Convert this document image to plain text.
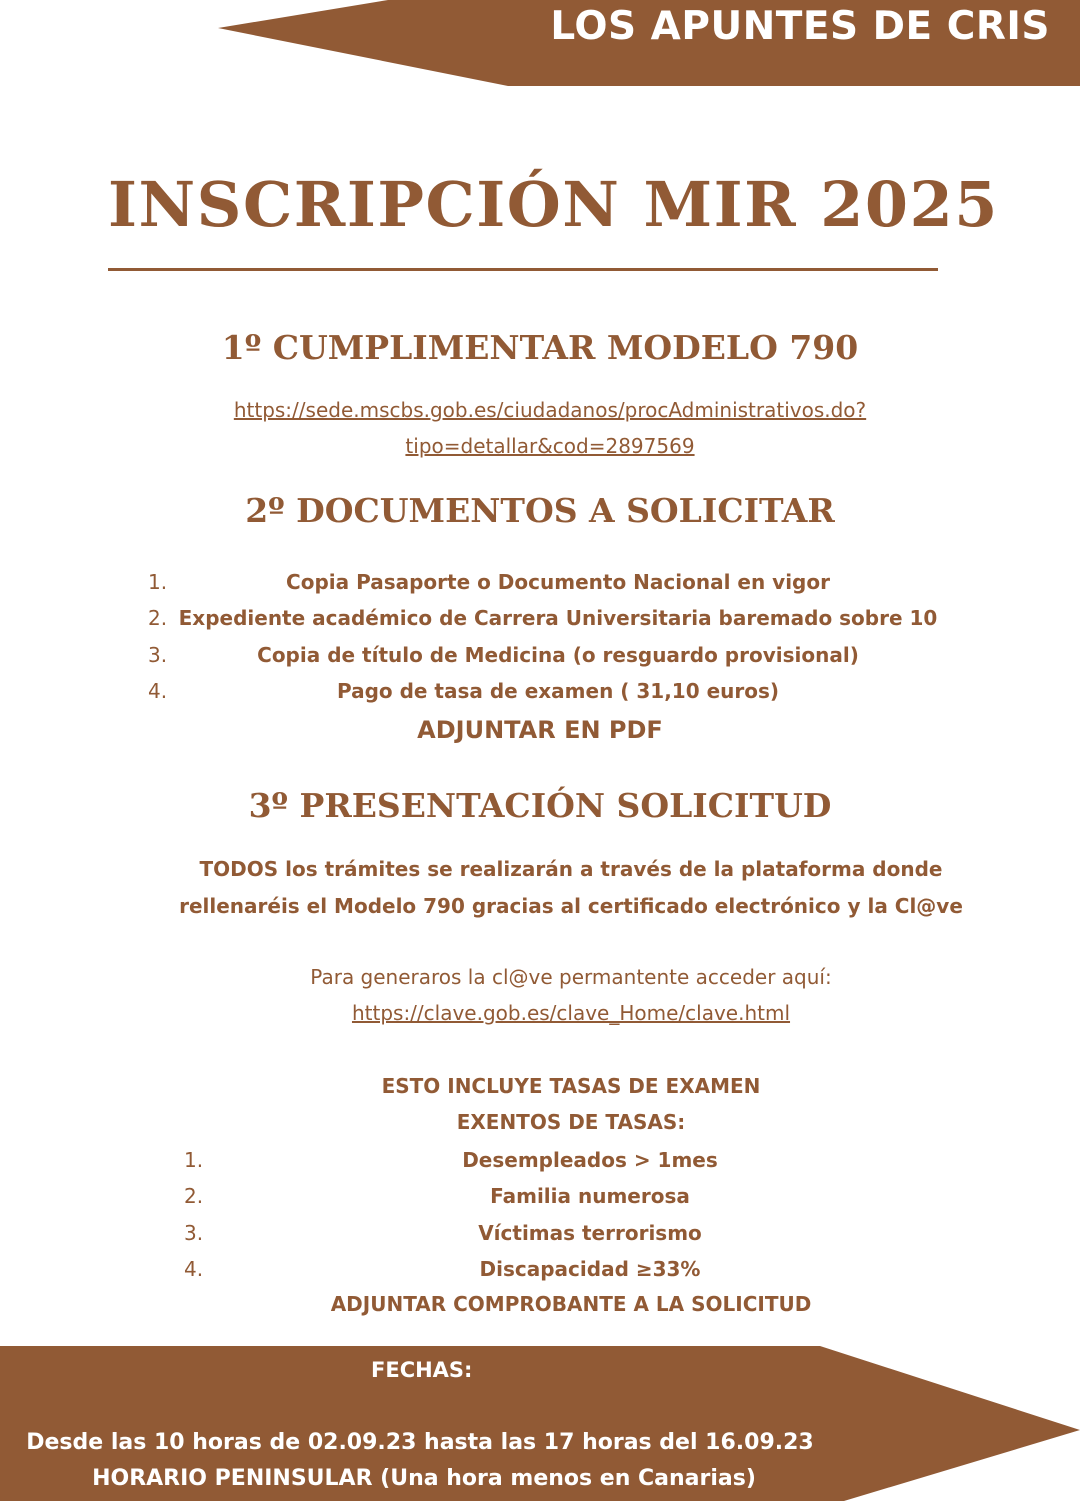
LOS APUNTES DE CRIS
INSCRIPCIÓN MIR 2025
1º CUMPLIMENTAR MODELO 790
https://sede.mscbs.gob.es/ciudadanos/procAdministrativos.do?
tipo=detallar&cod=2897569
2º DOCUMENTOS A SOLICITAR
1.	Copia Pasaporte o Documento Nacional en vigor
2. Expediente académico de Carrera Universitaria baremado sobre 10
3.	Copia de título de Medicina (o resguardo provisional)
4.	Pago de tasa de examen ( 31,10 euros)
ADJUNTAR EN PDF
3º PRESENTACIÓN SOLICITUD
TODOS los trámites se realizarán a través de la plataforma donde
rellenaréis el Modelo 790 gracias al certificado electrónico y la Cl@ve
Para generaros la cl@ve permantente acceder aquí:
https://clave.gob.es/clave_Home/clave.html
ESTO INCLUYE TASAS DE EXAMEN
EXENTOS DE TASAS:
1.	Desempleados > 1mes
2.	Familia numerosa
3.	Víctimas terrorismo
4.	Discapacidad ≥33%
ADJUNTAR COMPROBANTE A LA SOLICITUD
FECHAS:
Desde las 10 horas de 02.09.23 hasta las 17 horas del 16.09.23
HORARIO PENINSULAR (Una hora menos en Canarias)
